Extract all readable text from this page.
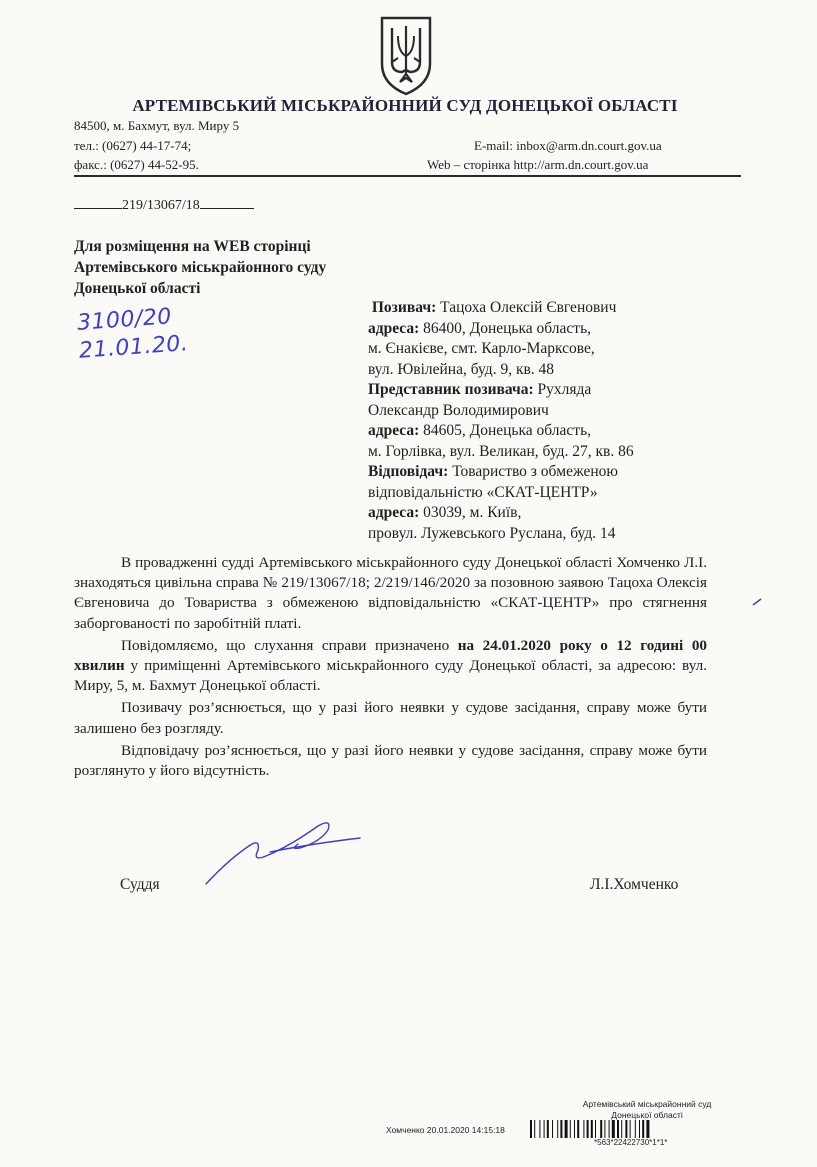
АРТЕМІВСЬКИЙ МІСЬКРАЙОННИЙ СУД ДОНЕЦЬКОЇ ОБЛАСТІ
84500, м. Бахмут, вул. Миру 5
тел.: (0627) 44-17-74;
факс.: (0627) 44-52-95.
E-mail: inbox@arm.dn.court.gov.ua
Web – сторінка http://arm.dn.court.gov.ua
219/13067/18
Для розміщення на WEB сторінці
Артемівського міськрайонного суду
Донецької області
3100/20
21.01.20.
Позивач: Тацоха Олексій Євгенович
адреса: 86400, Донецька область,
м. Єнакієве, смт. Карло-Марксове,
вул. Ювілейна, буд. 9, кв. 48
Представник позивача: Рухляда
Олександр Володимирович
адреса: 84605, Донецька область,
м. Горлівка, вул. Великан, буд. 27, кв. 86
Відповідач: Товариство з обмеженою
відповідальністю «СКАТ-ЦЕНТР»
адреса: 03039, м. Київ,
провул. Лужевського Руслана, буд. 14

В провадженні судді Артемівського міськрайонного суду Донецької області Хомченко Л.І. знаходяться цивільна справа № 219/13067/18; 2/219/146/2020 за позовною заявою Тацоха Олексія Євгеновича до Товариства з обмеженою відповідальністю «СКАТ-ЦЕНТР» про стягнення заборгованості по заробітній платі.

Повідомляємо, що слухання справи призначено на 24.01.2020 року о 12 годині 00 хвилин у приміщенні Артемівського міськрайонного суду Донецької області, за адресою: вул. Миру, 5, м. Бахмут Донецької області.

Позивачу роз’яснюється, що у разі його неявки у судове засідання, справу може бути залишено без розгляду.

Відповідачу роз’яснюється, що у разі його неявки у судове засідання, справу може бути розглянуто у його відсутність.

Суддя	Л.І.Хомченко
Артемівський міськрайонний суд
Донецької області
Хомченко 20.01.2020 14:15:18
*563*22422730*1*1*
